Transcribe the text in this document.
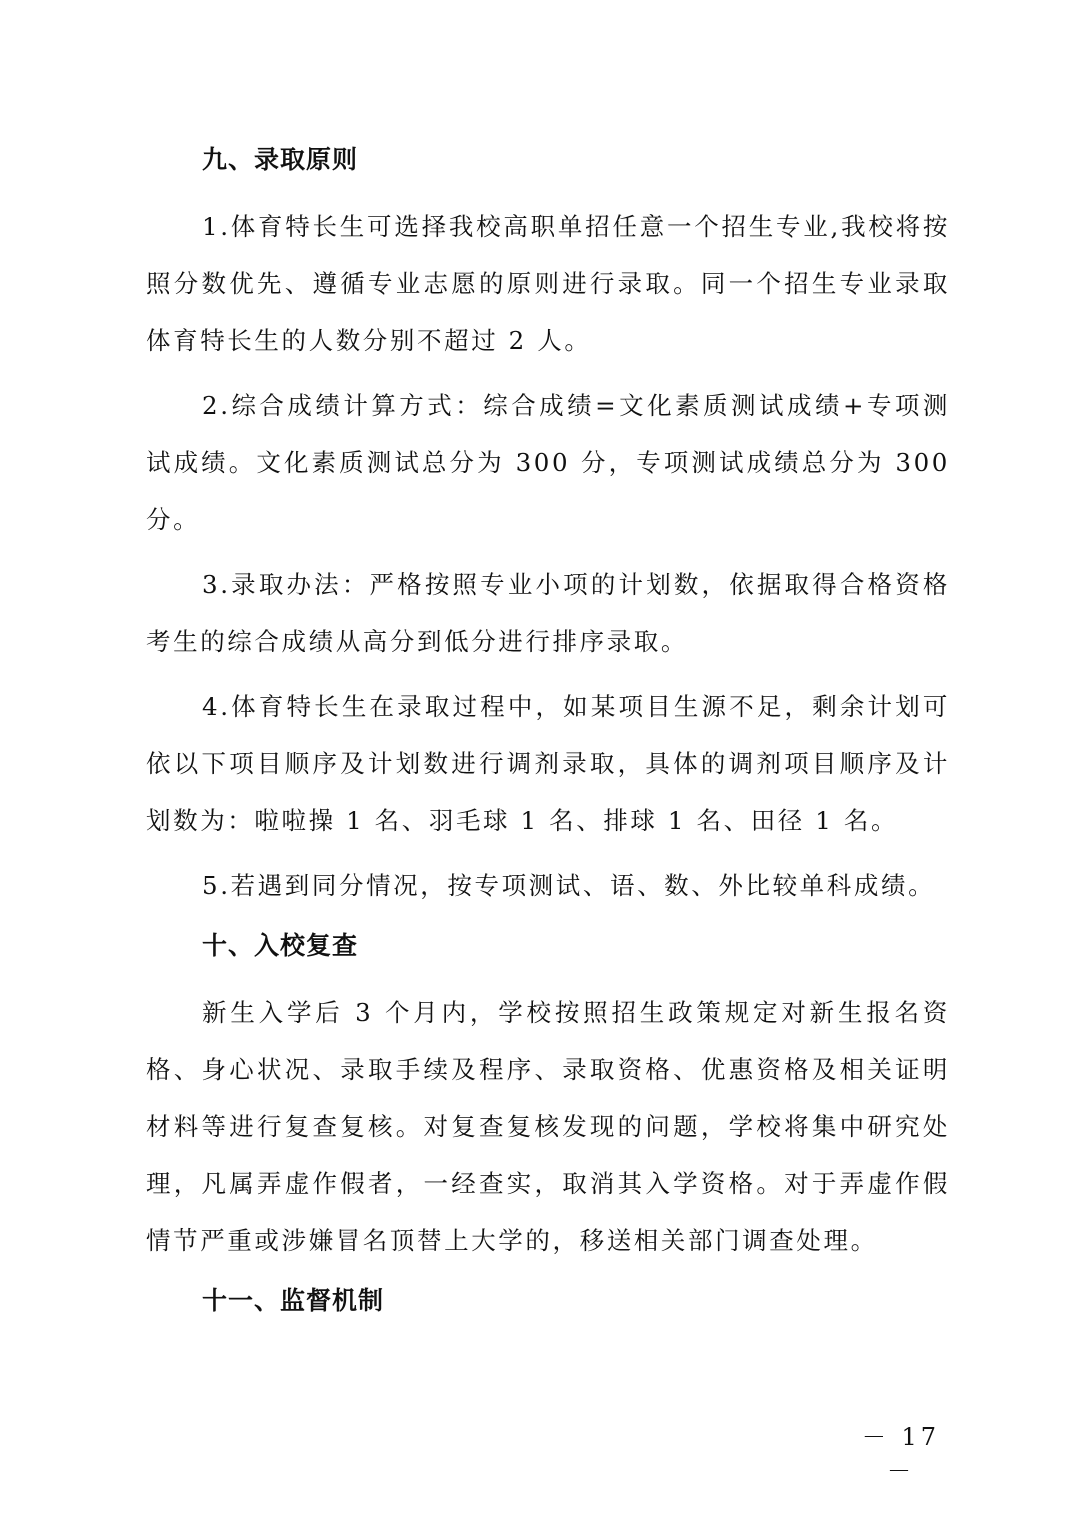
九、录取原则

1.体育特长生可选择我校高职单招任意一个招生专业,我校将按照分数优先、遵循专业志愿的原则进行录取。同一个招生专业录取体育特长生的人数分别不超过 2 人。

2.综合成绩计算方式：综合成绩=文化素质测试成绩+专项测试成绩。文化素质测试总分为 300 分，专项测试成绩总分为 300 分。

3.录取办法：严格按照专业小项的计划数，依据取得合格资格考生的综合成绩从高分到低分进行排序录取。

4.体育特长生在录取过程中，如某项目生源不足，剩余计划可依以下项目顺序及计划数进行调剂录取，具体的调剂项目顺序及计划数为：啦啦操 1 名、羽毛球 1 名、排球 1 名、田径 1 名。

5.若遇到同分情况，按专项测试、语、数、外比较单科成绩。

十、入校复查

新生入学后 3 个月内，学校按照招生政策规定对新生报名资格、身心状况、录取手续及程序、录取资格、优惠资格及相关证明材料等进行复查复核。对复查复核发现的问题，学校将集中研究处理，凡属弄虚作假者，一经查实，取消其入学资格。对于弄虚作假情节严重或涉嫌冒名顶替上大学的，移送相关部门调查处理。

十一、监督机制
－ 17 －
